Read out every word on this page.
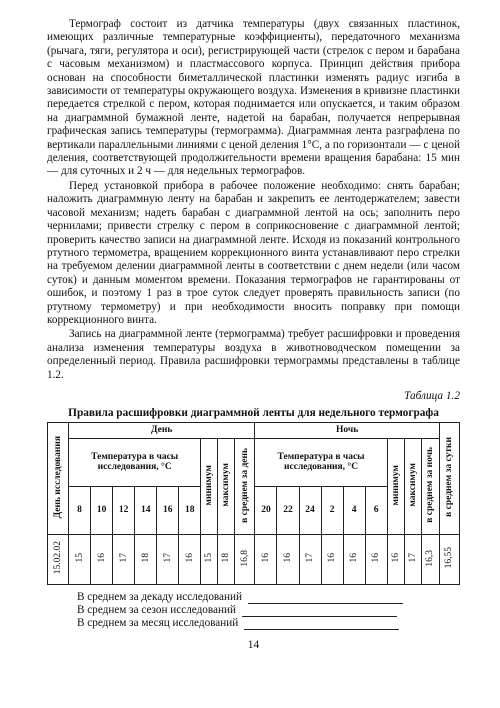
Термограф состоит из датчика температуры (двух связанных пластинок, имеющих различные температурные коэффициенты), передаточного механизма (рычага, тяги, регулятора и оси), регистрирующей части (стрелок с пером и барабана с часовым механизмом) и пластмассового корпуса. Принцип действия прибора основан на способности биметаллической пластинки изменять радиус изгиба в зависимости от температуры окружающего воздуха. Изменения в кривизне пластинки передается стрелкой с пером, которая поднимается или опускается, и таким образом на диаграммной бумажной ленте, надетой на барабан, получается непрерывная графическая запись температуры (термограмма). Диаграммная лента разграфлена по вертикали параллельными линиями с ценой деления 1°С, а по горизонтали — с ценой деления, соответствующей продолжительности времени вращения барабана: 15 мин — для суточных и 2 ч — для недельных термографов.

Перед установкой прибора в рабочее положение необходимо: снять барабан; наложить диаграммную ленту на барабан и закрепить ее лентодержателем; завести часовой механизм; надеть барабан с диаграммной лентой на ось; заполнить перо чернилами; привести стрелку с пером в соприкосновение с диаграммной лентой; проверить качество записи на диаграммной ленте. Исходя из показаний контрольного ртутного термометра, вращением коррекционного винта устанавливают перо стрелки на требуемом делении диаграммной ленты в соответствии с днем недели (или часом суток) и данным моментом времени. Показания термографов не гарантированы от ошибок, и поэтому 1 раз в трое суток следует проверять правильность записи (по ртутному термометру) и при необходимости вносить поправку при помощи коррекционного винта.

Запись на диаграммной ленте (термограмма) требует расшифровки и проведения анализа изменения температуры воздуха в животноводческом помещении за определенный период. Правила расшифровки термограммы представлены в таблице 1.2.

Таблица 1.2
Правила расшифровки диаграммной ленты для недельного термографа
День исследования	День									Ночь									в среднем за сутки
	Температура в часы исследования, °С						минимум	максимум	в среднем за день	Температура в часы исследования, °С						минимум	максимум	в среднем за ночь	
	8	10	12	14	16	18				20	22	24	2	4	6				
15.02.02	15	16	17	18	17	16	15	18	16,8	16	16	17	16	16	16	16	17	16,3	16,55
В среднем за декаду исследований
В среднем за сезон исследований
В среднем за месяц исследований
14
